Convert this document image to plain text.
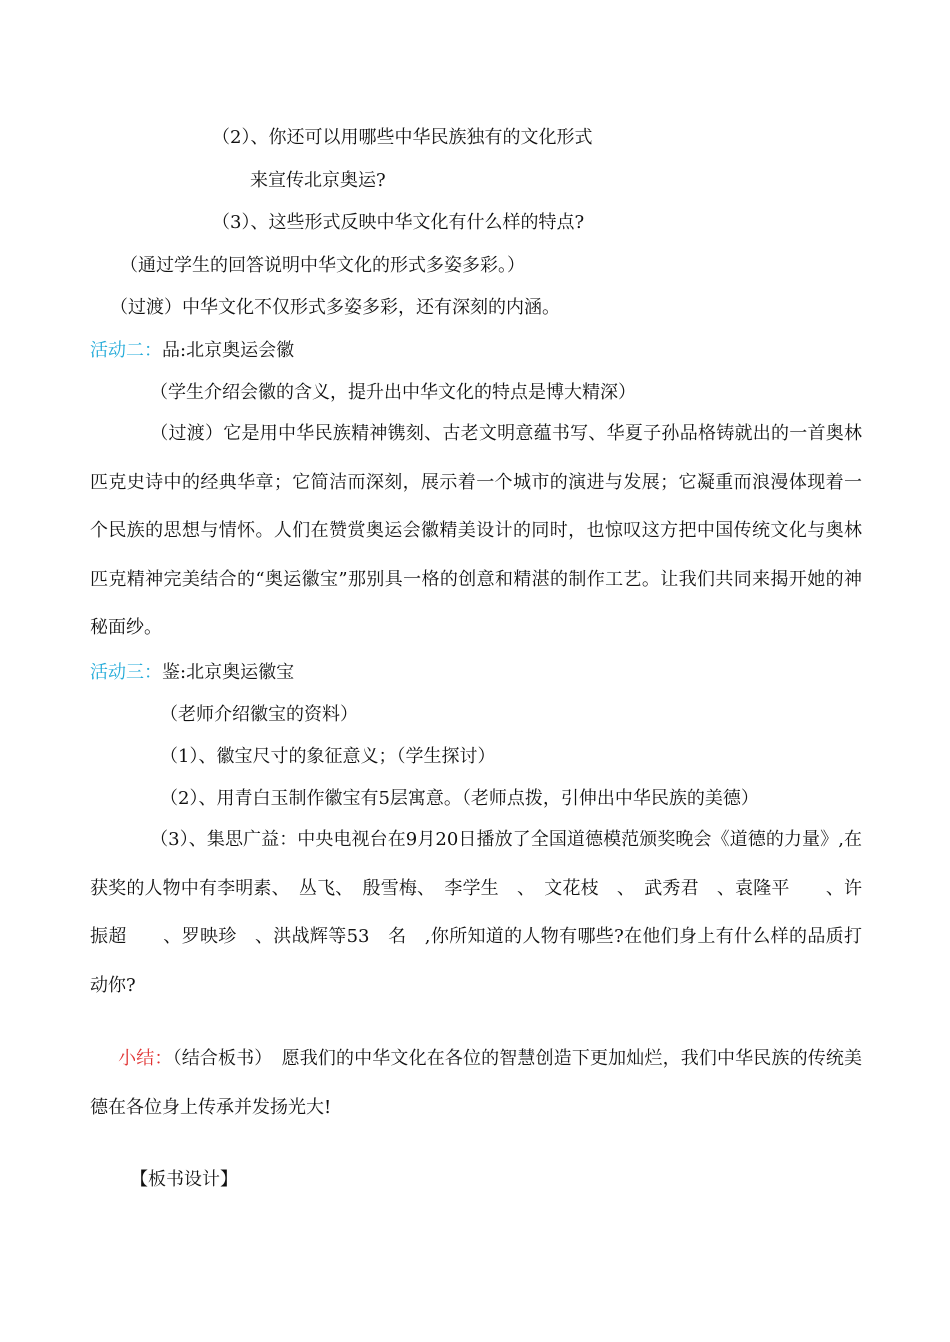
（2）、你还可以用哪些中华民族独有的文化形式
来宣传北京奥运?
（3）、这些形式反映中华文化有什么样的特点?
（通过学生的回答说明中华文化的形式多姿多彩。）
（过渡）中华文化不仅形式多姿多彩，还有深刻的内涵。
活动二：品:北京奥运会徽
（学生介绍会徽的含义，提升出中华文化的特点是博大精深）
（过渡）它是用中华民族精神镌刻、古老文明意蕴书写、华夏子孙品格铸就出的一首奥林匹克史诗中的经典华章；它简洁而深刻，展示着一个城市的演进与发展；它凝重而浪漫体现着一个民族的思想与情怀。人们在赞赏奥运会徽精美设计的同时，也惊叹这方把中国传统文化与奥林匹克精神完美结合的“奥运徽宝”那别具一格的创意和精湛的制作工艺。让我们共同来揭开她的神秘面纱。
活动三：鉴:北京奥运徽宝
（老师介绍徽宝的资料）
（1）、徽宝尺寸的象征意义；（学生探讨）
（2）、用青白玉制作徽宝有5层寓意。（老师点拨，引伸出中华民族的美德）
（3）、集思广益：中央电视台在9月20日播放了全国道德模范颁奖晚会《道德的力量》,在获奖的人物中有李明素、　丛飞、　殷雪梅、　李学生　、　文花枝　、　武秀君　、袁隆平　　、许振超　　、罗映珍　、洪战辉等53　名　,你所知道的人物有哪些?在他们身上有什么样的品质打动你?
小结：（结合板书）　愿我们的中华文化在各位的智慧创造下更加灿烂，我们中华民族的传统美德在各位身上传承并发扬光大!
【板书设计】
